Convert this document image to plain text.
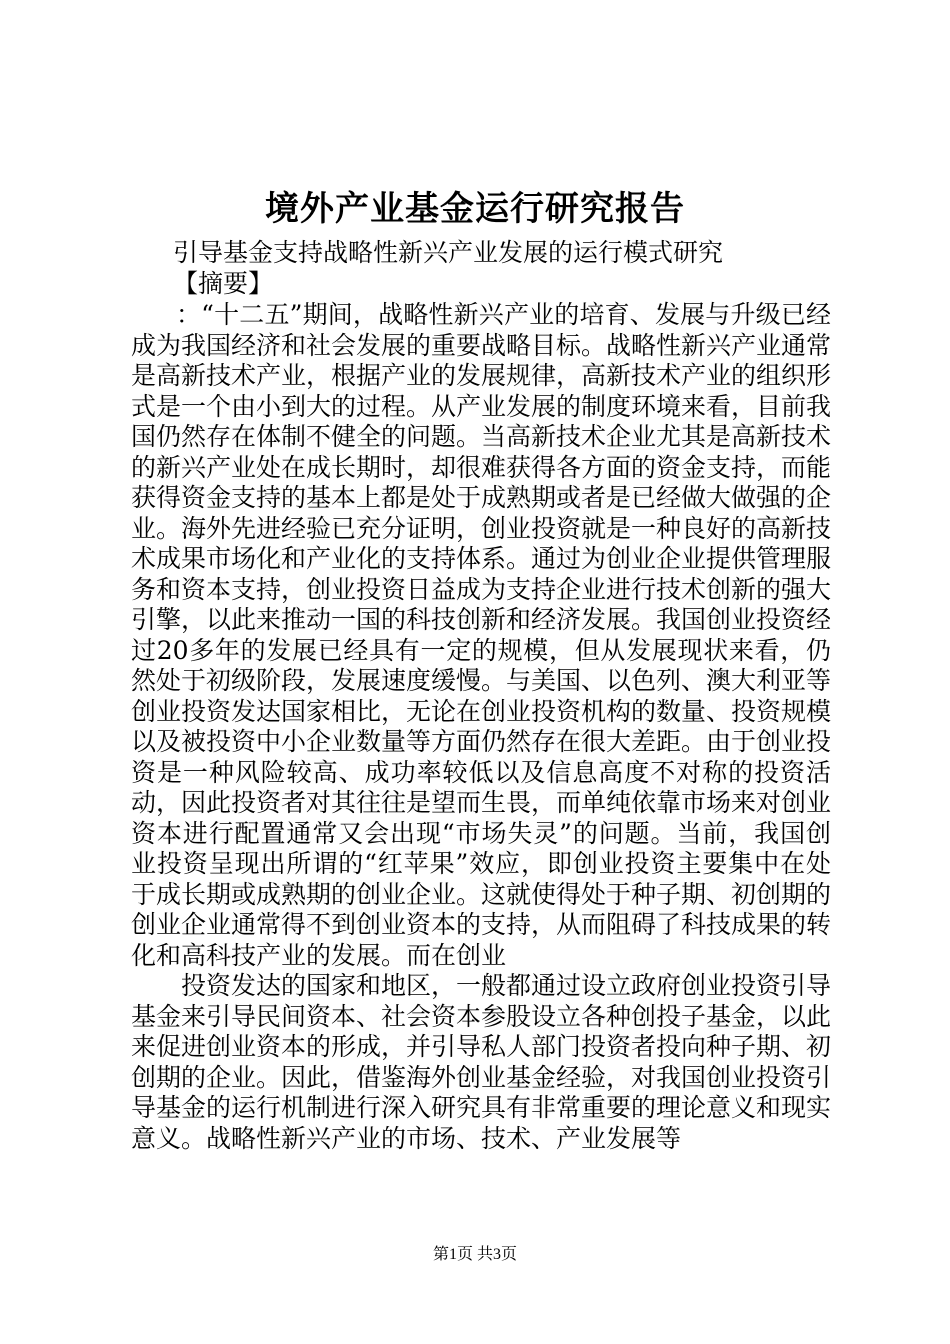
境外产业基金运行研究报告
引导基金支持战略性新兴产业发展的运行模式研究
【摘要】

：“十二五”期间，战略性新兴产业的培育、发展与升级已经成为我国经济和社会发展的重要战略目标。战略性新兴产业通常是高新技术产业，根据产业的发展规律，高新技术产业的组织形式是一个由小到大的过程。从产业发展的制度环境来看，目前我国仍然存在体制不健全的问题。当高新技术企业尤其是高新技术的新兴产业处在成长期时，却很难获得各方面的资金支持，而能获得资金支持的基本上都是处于成熟期或者是已经做大做强的企业。海外先进经验已充分证明，创业投资就是一种良好的高新技术成果市场化和产业化的支持体系。通过为创业企业提供管理服务和资本支持，创业投资日益成为支持企业进行技术创新的强大引擎，以此来推动一国的科技创新和经济发展。我国创业投资经过20多年的发展已经具有一定的规模，但从发展现状来看，仍然处于初级阶段，发展速度缓慢。与美国、以色列、澳大利亚等创业投资发达国家相比，无论在创业投资机构的数量、投资规模以及被投资中小企业数量等方面仍然存在很大差距。由于创业投资是一种风险较高、成功率较低以及信息高度不对称的投资活动，因此投资者对其往往是望而生畏，而单纯依靠市场来对创业资本进行配置通常又会出现“市场失灵”的问题。当前，我国创业投资呈现出所谓的“红苹果”效应，即创业投资主要集中在处于成长期或成熟期的创业企业。这就使得处于种子期、初创期的创业企业通常得不到创业资本的支持，从而阻碍了科技成果的转化和高科技产业的发展。而在创业

投资发达的国家和地区，一般都通过设立政府创业投资引导基金来引导民间资本、社会资本参股设立各种创投子基金，以此来促进创业资本的形成，并引导私人部门投资者投向种子期、初创期的企业。因此，借鉴海外创业基金经验，对我国创业投资引导基金的运行机制进行深入研究具有非常重要的理论意义和现实意义。战略性新兴产业的市场、技术、产业发展等

第1页 共3页
